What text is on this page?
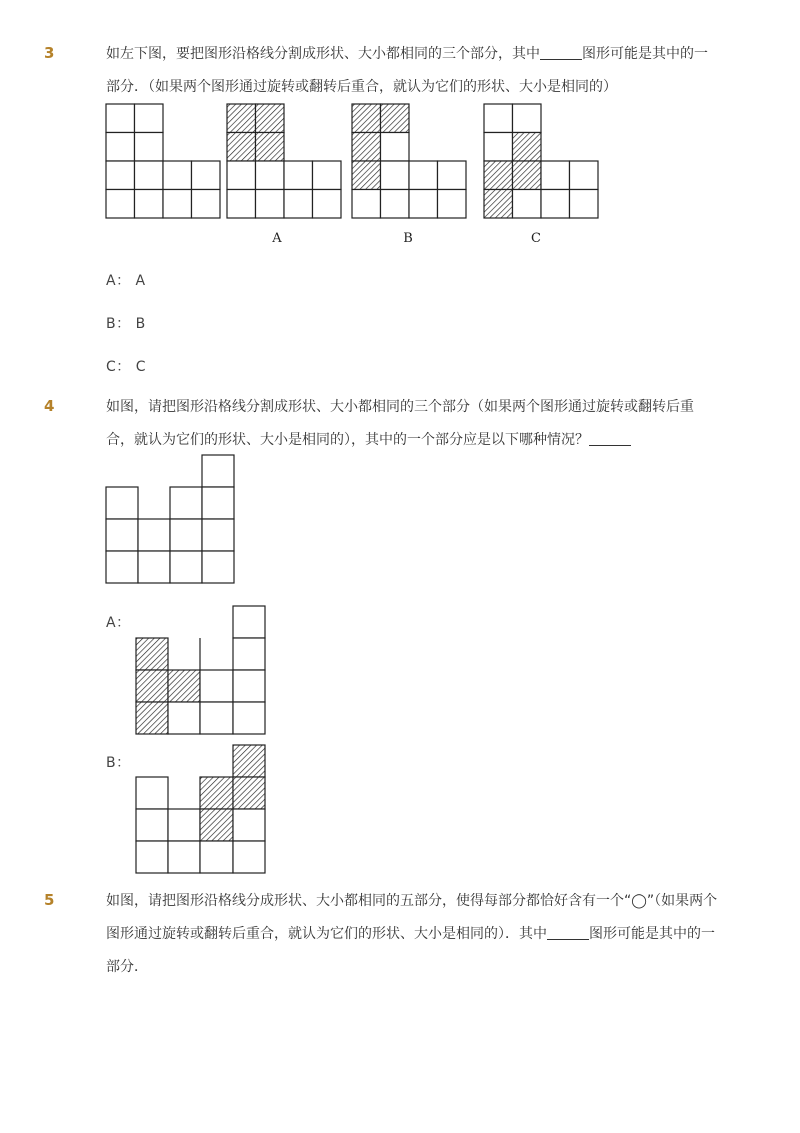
3	如左下图，要把图形沿格线分割成形状、大小都相同的三个部分，其中	图形可能是其中的一部分．（如果两个图形通过旋转或翻转后重合，就认为它们的形状、大小是相同的）
A	B	C
A： A
B： B
C： C
4	如图，请把图形沿格线分割成形状、大小都相同的三个部分（如果两个图形通过旋转或翻转后重合，就认为它们的形状、大小是相同的），其中的一个部分应是以下哪种情况？
A：
B：
5	如图，请把图形沿格线分成形状、大小都相同的五部分，使得每部分都恰好含有一个“◯”（如果两个图形通过旋转或翻转后重合，就认为它们的形状、大小是相同的）．其中	图形可能是其中的一部分．
